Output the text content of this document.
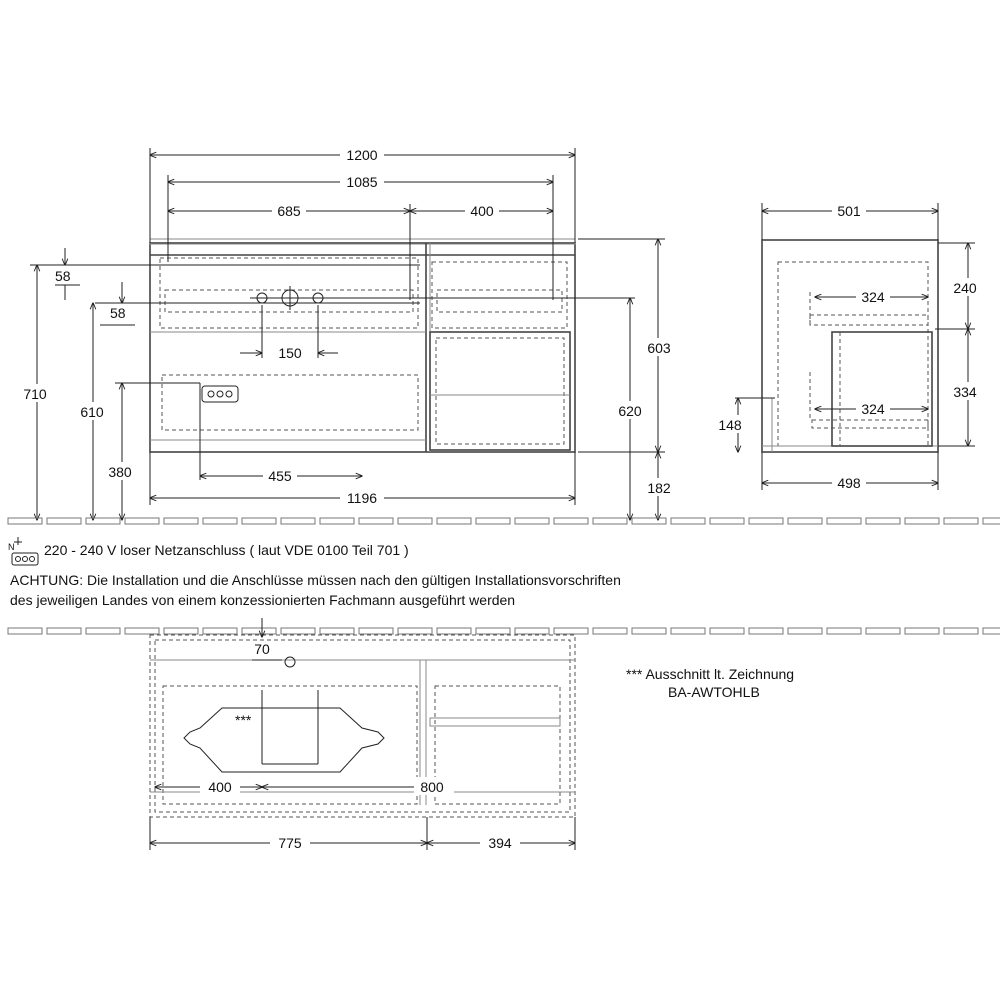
1200
1085
685	400
58
58
710
610
380
150
455
1196
603
620
182
501
498
324
324
240
334
148
***
70
400	800
775	394
N 220 - 240 V loser Netzanschluss ( laut VDE 0100 Teil 701 )
ACHTUNG: Die Installation und die Anschlüsse müssen nach den gültigen Installationsvorschriften
des jeweiligen Landes von einem konzessionierten Fachmann ausgeführt werden
*** Ausschnitt lt. Zeichnung
BA-AWTOHLB
